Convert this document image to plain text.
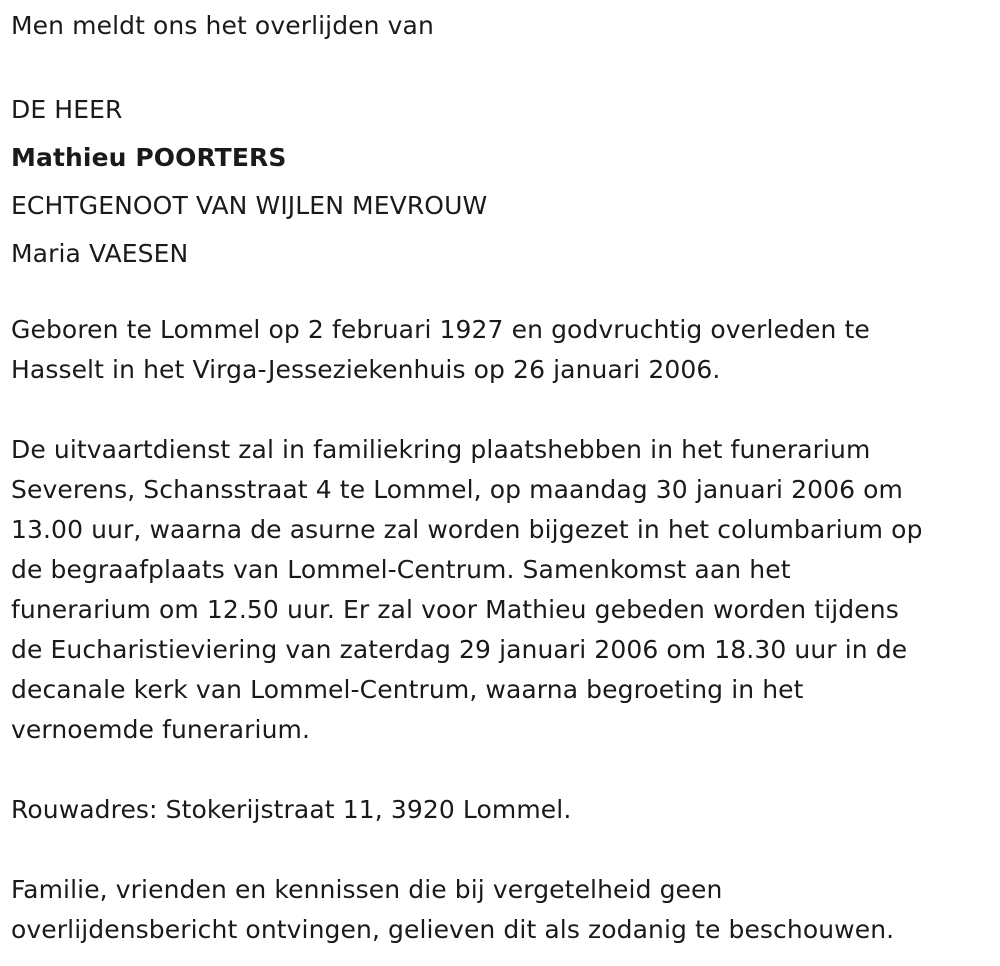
Men meldt ons het overlijden van
DE HEER
Mathieu POORTERS
ECHTGENOOT VAN WIJLEN MEVROUW
Maria VAESEN
Geboren te Lommel op 2 februari 1927 en godvruchtig overleden te
Hasselt in het Virga-Jesseziekenhuis op 26 januari 2006.
De uitvaartdienst zal in familiekring plaatshebben in het funerarium
Severens, Schansstraat 4 te Lommel, op maandag 30 januari 2006 om
13.00 uur, waarna de asurne zal worden bijgezet in het columbarium op
de begraafplaats van Lommel-Centrum. Samenkomst aan het
funerarium om 12.50 uur. Er zal voor Mathieu gebeden worden tijdens
de Eucharistieviering van zaterdag 29 januari 2006 om 18.30 uur in de
decanale kerk van Lommel-Centrum, waarna begroeting in het
vernoemde funerarium.
Rouwadres: Stokerijstraat 11, 3920 Lommel.
Familie, vrienden en kennissen die bij vergetelheid geen
overlijdensbericht ontvingen, gelieven dit als zodanig te beschouwen.
